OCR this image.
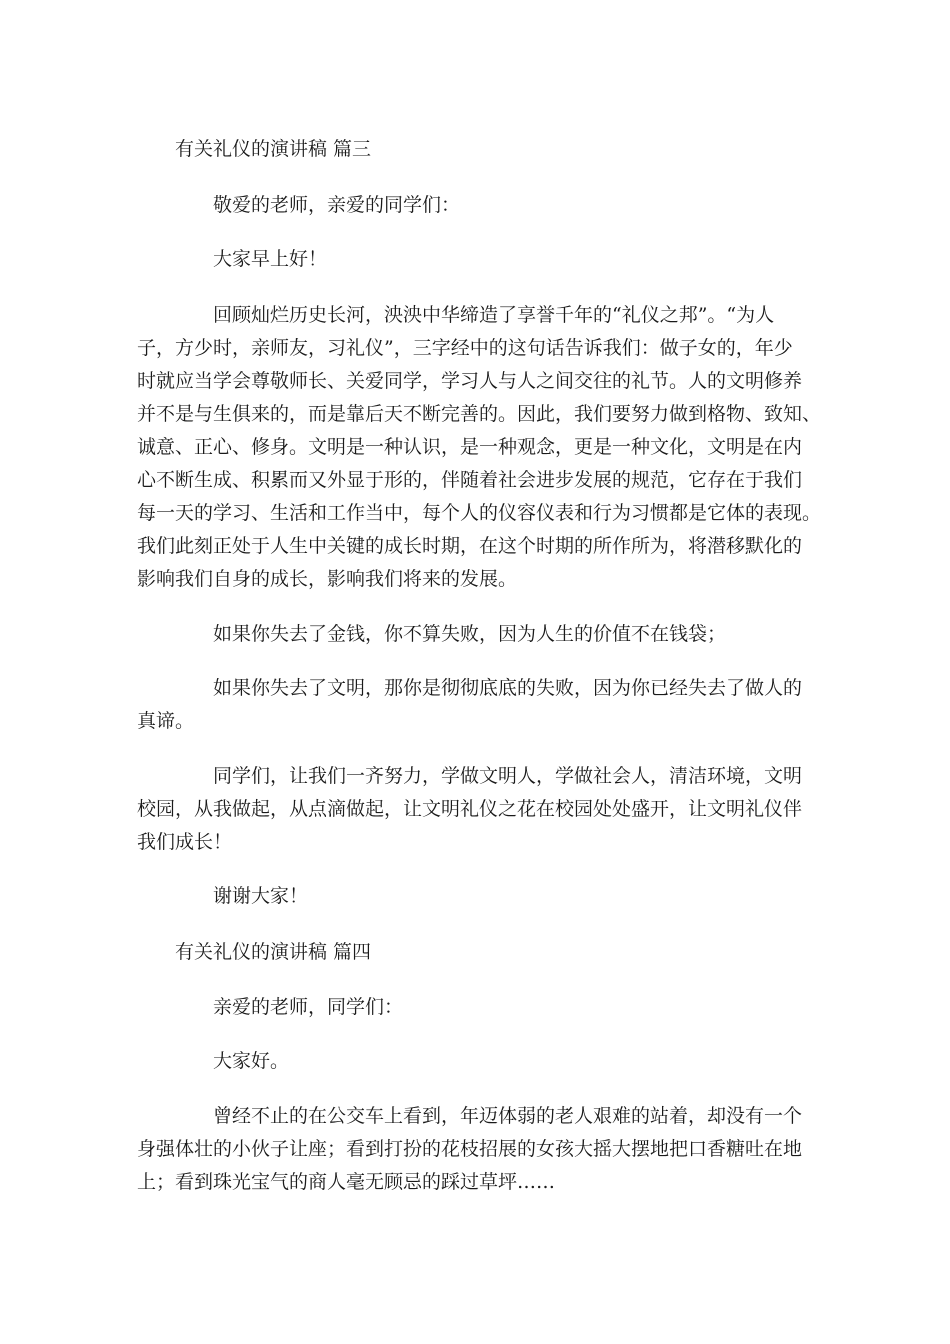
有关礼仪的演讲稿 篇三
敬爱的老师，亲爱的同学们：
大家早上好！
回顾灿烂历史长河，泱泱中华缔造了享誉千年的“礼仪之邦”。“为人
子，方少时，亲师友，习礼仪”，三字经中的这句话告诉我们：做子女的，年少
时就应当学会尊敬师长、关爱同学，学习人与人之间交往的礼节。人的文明修养
并不是与生俱来的，而是靠后天不断完善的。因此，我们要努力做到格物、致知、
诚意、正心、修身。文明是一种认识，是一种观念，更是一种文化，文明是在内
心不断生成、积累而又外显于形的，伴随着社会进步发展的规范，它存在于我们
每一天的学习、生活和工作当中，每个人的仪容仪表和行为习惯都是它体的表现。
我们此刻正处于人生中关键的成长时期，在这个时期的所作所为，将潜移默化的
影响我们自身的成长，影响我们将来的发展。
如果你失去了金钱，你不算失败，因为人生的价值不在钱袋；
如果你失去了文明，那你是彻彻底底的失败，因为你已经失去了做人的
真谛。
同学们，让我们一齐努力，学做文明人，学做社会人，清洁环境，文明
校园，从我做起，从点滴做起，让文明礼仪之花在校园处处盛开，让文明礼仪伴
我们成长！
谢谢大家！
有关礼仪的演讲稿 篇四
亲爱的老师，同学们：
大家好。
曾经不止的在公交车上看到，年迈体弱的老人艰难的站着，却没有一个
身强体壮的小伙子让座；看到打扮的花枝招展的女孩大摇大摆地把口香糖吐在地
上；看到珠光宝气的商人毫无顾忌的踩过草坪……
